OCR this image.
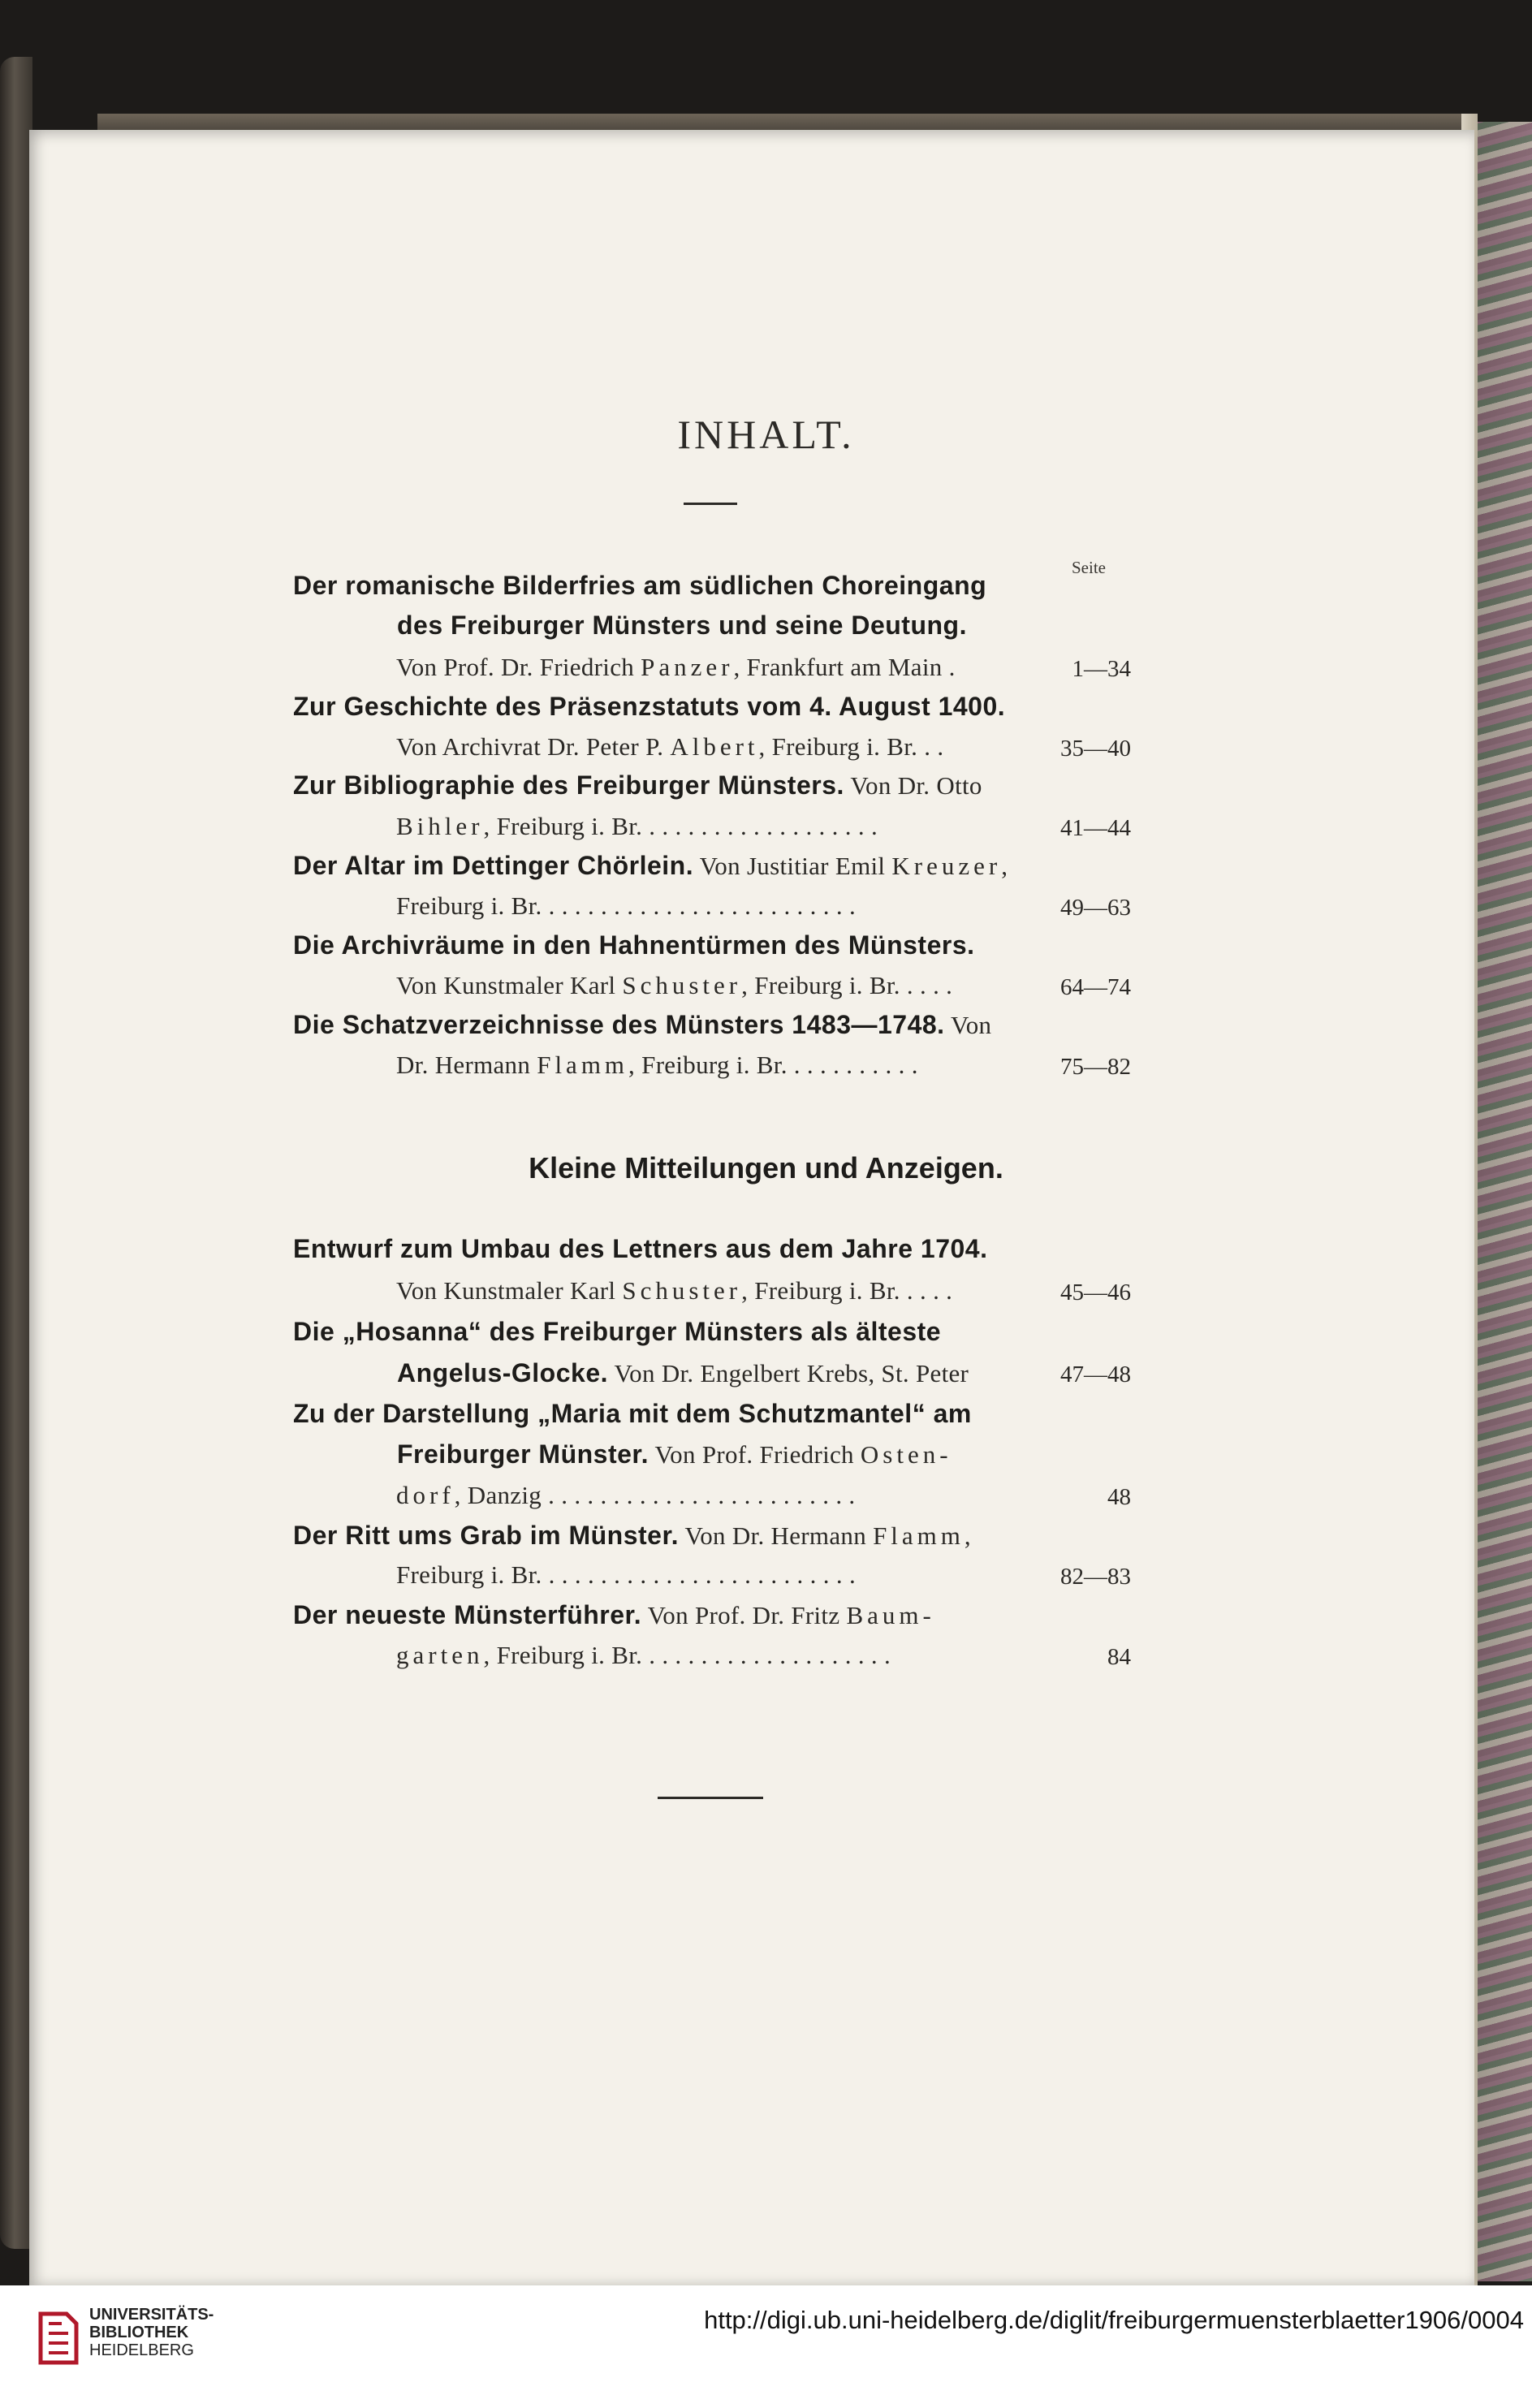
INHALT.
Seite
Der romanische Bilderfries am südlichen Choreingang
des Freiburger Münsters und seine Deutung.
Von Prof. Dr. Friedrich Panzer, Frankfurt am Main .	1—34
Zur Geschichte des Präsenzstatuts vom 4. August 1400.
Von Archivrat Dr. Peter P. Albert, Freiburg i. Br. . .	35—40
Zur Bibliographie des Freiburger Münsters. Von Dr. Otto
Bihler, Freiburg i. Br. . . . . . . . . . . . . . . . . . .	41—44
Der Altar im Dettinger Chörlein. Von Justitiar Emil Kreuzer,
Freiburg i. Br. . . . . . . . . . . . . . . . . . . . . . . . .	49—63
Die Archivräume in den Hahnentürmen des Münsters.
Von Kunstmaler Karl Schuster, Freiburg i. Br. . . . .	64—74
Die Schatzverzeichnisse des Münsters 1483—1748. Von
Dr. Hermann Flamm, Freiburg i. Br. . . . . . . . . . .	75—82
Kleine Mitteilungen und Anzeigen.
Entwurf zum Umbau des Lettners aus dem Jahre 1704.
Von Kunstmaler Karl Schuster, Freiburg i. Br. . . . .	45—46
Die „Hosanna“ des Freiburger Münsters als älteste
Angelus-Glocke. Von Dr. Engelbert Krebs, St. Peter	47—48
Zu der Darstellung „Maria mit dem Schutzmantel“ am
Freiburger Münster. Von Prof. Friedrich Osten-
dorf, Danzig . . . . . . . . . . . . . . . . . . . . . . . .	48
Der Ritt ums Grab im Münster. Von Dr. Hermann Flamm,
Freiburg i. Br. . . . . . . . . . . . . . . . . . . . . . . . .	82—83
Der neueste Münsterführer. Von Prof. Dr. Fritz Baum-
garten, Freiburg i. Br. . . . . . . . . . . . . . . . . . . .	84
UNIVERSITÄTS-
BIBLIOTHEK
HEIDELBERG
http://digi.ub.uni-heidelberg.de/diglit/freiburgermuensterblaetter1906/0004
